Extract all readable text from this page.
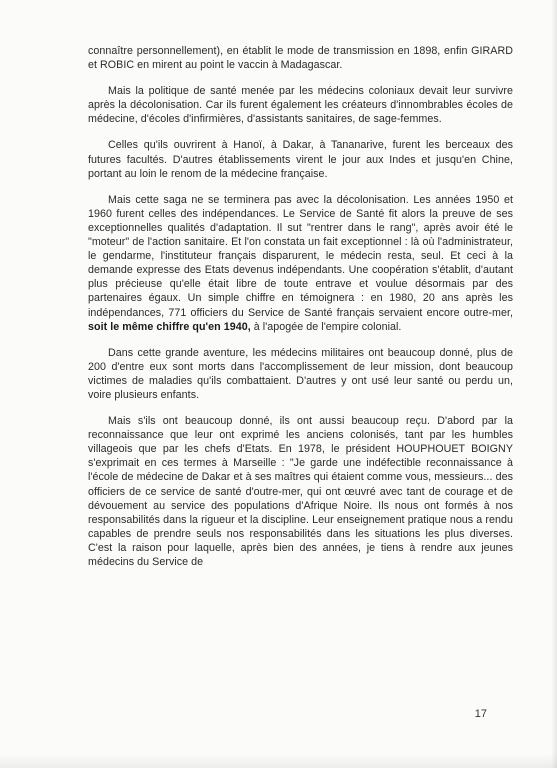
connaître personnellement), en établit le mode de transmission en 1898, enfin GIRARD et ROBIC en mirent au point le vaccin à Madagascar.

Mais la politique de santé menée par les médecins coloniaux devait leur survivre après la décolonisation. Car ils furent également les créateurs d'innombrables écoles de médecine, d'écoles d'infirmières, d'assistants sanitaires, de sage-femmes.

Celles qu'ils ouvrirent à Hanoï, à Dakar, à Tananarive, furent les berceaux des futures facultés. D'autres établissements virent le jour aux Indes et jusqu'en Chine, portant au loin le renom de la médecine française.

Mais cette saga ne se terminera pas avec la décolonisation. Les années 1950 et 1960 furent celles des indépendances. Le Service de Santé fit alors la preuve de ses exceptionnelles qualités d'adaptation. Il sut "rentrer dans le rang", après avoir été le "moteur" de l'action sanitaire. Et l'on constata un fait exceptionnel : là où l'administrateur, le gendarme, l'instituteur français disparurent, le médecin resta, seul. Et ceci à la demande expresse des Etats devenus indépendants. Une coopération s'établit, d'autant plus précieuse qu'elle était libre de toute entrave et voulue désormais par des partenaires égaux. Un simple chiffre en témoignera : en 1980, 20 ans après les indépendances, 771 officiers du Service de Santé français servaient encore outre-mer, soit le même chiffre qu'en 1940, à l'apogée de l'empire colonial.

Dans cette grande aventure, les médecins militaires ont beaucoup donné, plus de 200 d'entre eux sont morts dans l'accomplissement de leur mission, dont beaucoup victimes de maladies qu'ils combattaient. D'autres y ont usé leur santé ou perdu un, voire plusieurs enfants.

Mais s'ils ont beaucoup donné, ils ont aussi beaucoup reçu. D'abord par la reconnaissance que leur ont exprimé les anciens colonisés, tant par les humbles villageois que par les chefs d'Etats. En 1978, le président HOUPHOUET BOIGNY s'exprimait en ces termes à Marseille : "Je garde une indéfectible reconnaissance à l'école de médecine de Dakar et à ses maîtres qui étaient comme vous, messieurs... des officiers de ce service de santé d'outre-mer, qui ont œuvré avec tant de courage et de dévouement au service des populations d'Afrique Noire. Ils nous ont formés à nos responsabilités dans la rigueur et la discipline. Leur enseignement pratique nous a rendu capables de prendre seuls nos responsabilités dans les situations les plus diverses. C'est la raison pour laquelle, après bien des années, je tiens à rendre aux jeunes médecins du Service de

17
